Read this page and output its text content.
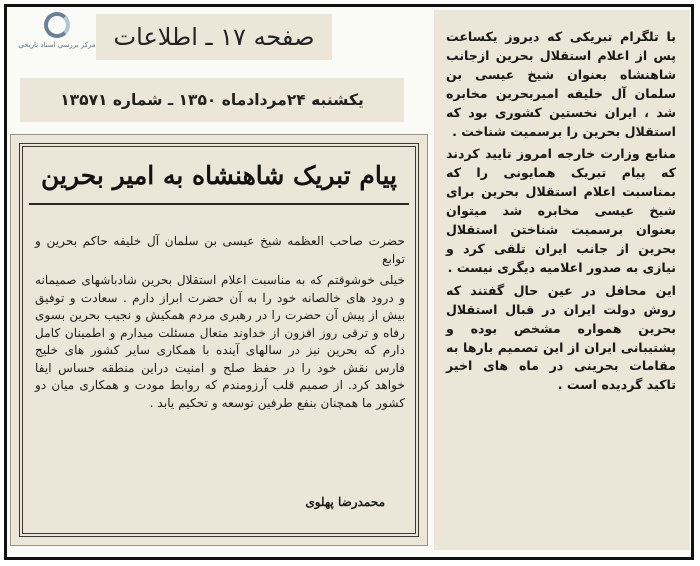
مرکز بررسی اسناد تاریخی صفحه ۱۷ ـ اطلاعات
یکشنبه ۲۴مردادماه ۱۳۵۰ ـ شماره ۱۳۵۷۱
پیام تبریک شاهنشاه به امیر بحرین

حضرت صاحب العظمه شیخ عیسی بن سلمان آل خلیفه حاکم بحرین و توابع

خیلی خوشوقتم که به مناسبت اعلام استقلال بحرین شادباشهای صمیمانه و درود های خالصانه خود را به آن حضرت ابراز دارم . سعادت و توفیق بیش از پیش آن حضرت را در رهبری مردم همکیش و نجیب بحرین بسوی رفاه و ترقی روز افزون از خداوند متعال مسئلت میدارم و اطمینان کامل دارم که بحرین نیز در سالهای آینده با همکاری سایر کشور های خلیج فارس نقش خود را در حفظ صلح و امنیت دراین منطقه حساس ایفا خواهد کرد. از صمیم قلب آرزومندم که روابط مودت و همکاری میان دو کشور ما همچنان بنفع طرفین توسعه و تحکیم یابد .

محمدرضا پهلوی

با تلگرام تبریکی که دیروز یکساعت پس از اعلام استقلال بحرین ازجانب شاهنشاه بعنوان شیخ عیسی بن سلمان آل خلیفه امیربحرین مخابره شد ، ایران نخستین کشوری بود که استقلال بحرین را برسمیت شناخت .

منابع وزارت خارجه امروز تایید کردند که پیام تبریک همایونی را که بمناسبت اعلام استقلال بحرین برای شیخ عیسی مخابره شد میتوان بعنوان برسمیت شناختن استقلال بحرین از جانب ایران تلقی کرد و نیازی به صدور اعلامیه دیگری نیست .

این محافل در عین حال گفتند که روش دولت ایران در قبال استقلال بحرین همواره مشخص بوده و پشتیبانی ایران از این تصمیم بارها به مقامات بحرینی در ماه های اخیر تاکید گردیده است .
